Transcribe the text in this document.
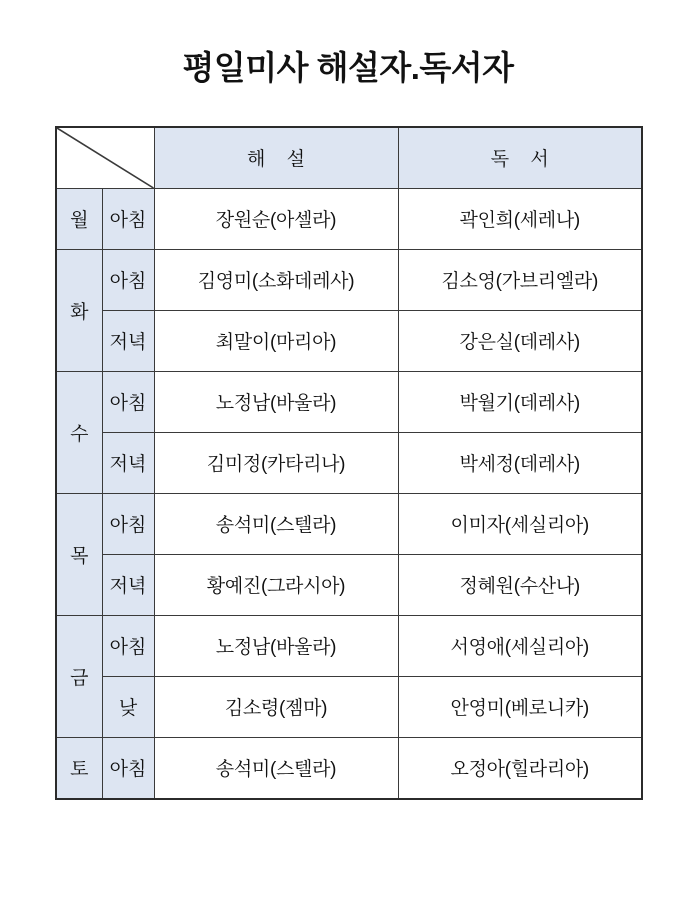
평일미사 해설자.독서자
	해 설	독 서
월	아침	장원순(아셀라)	곽인희(세레나)
화	아침	김영미(소화데레사)	김소영(가브리엘라)
	저녁	최말이(마리아)	강은실(데레사)
수	아침	노정남(바울라)	박월기(데레사)
	저녁	김미정(카타리나)	박세정(데레사)
목	아침	송석미(스텔라)	이미자(세실리아)
	저녁	황예진(그라시아)	정혜원(수산나)
금	아침	노정남(바울라)	서영애(세실리아)
	낮	김소령(젬마)	안영미(베로니카)
토	아침	송석미(스텔라)	오정아(힐라리아)
